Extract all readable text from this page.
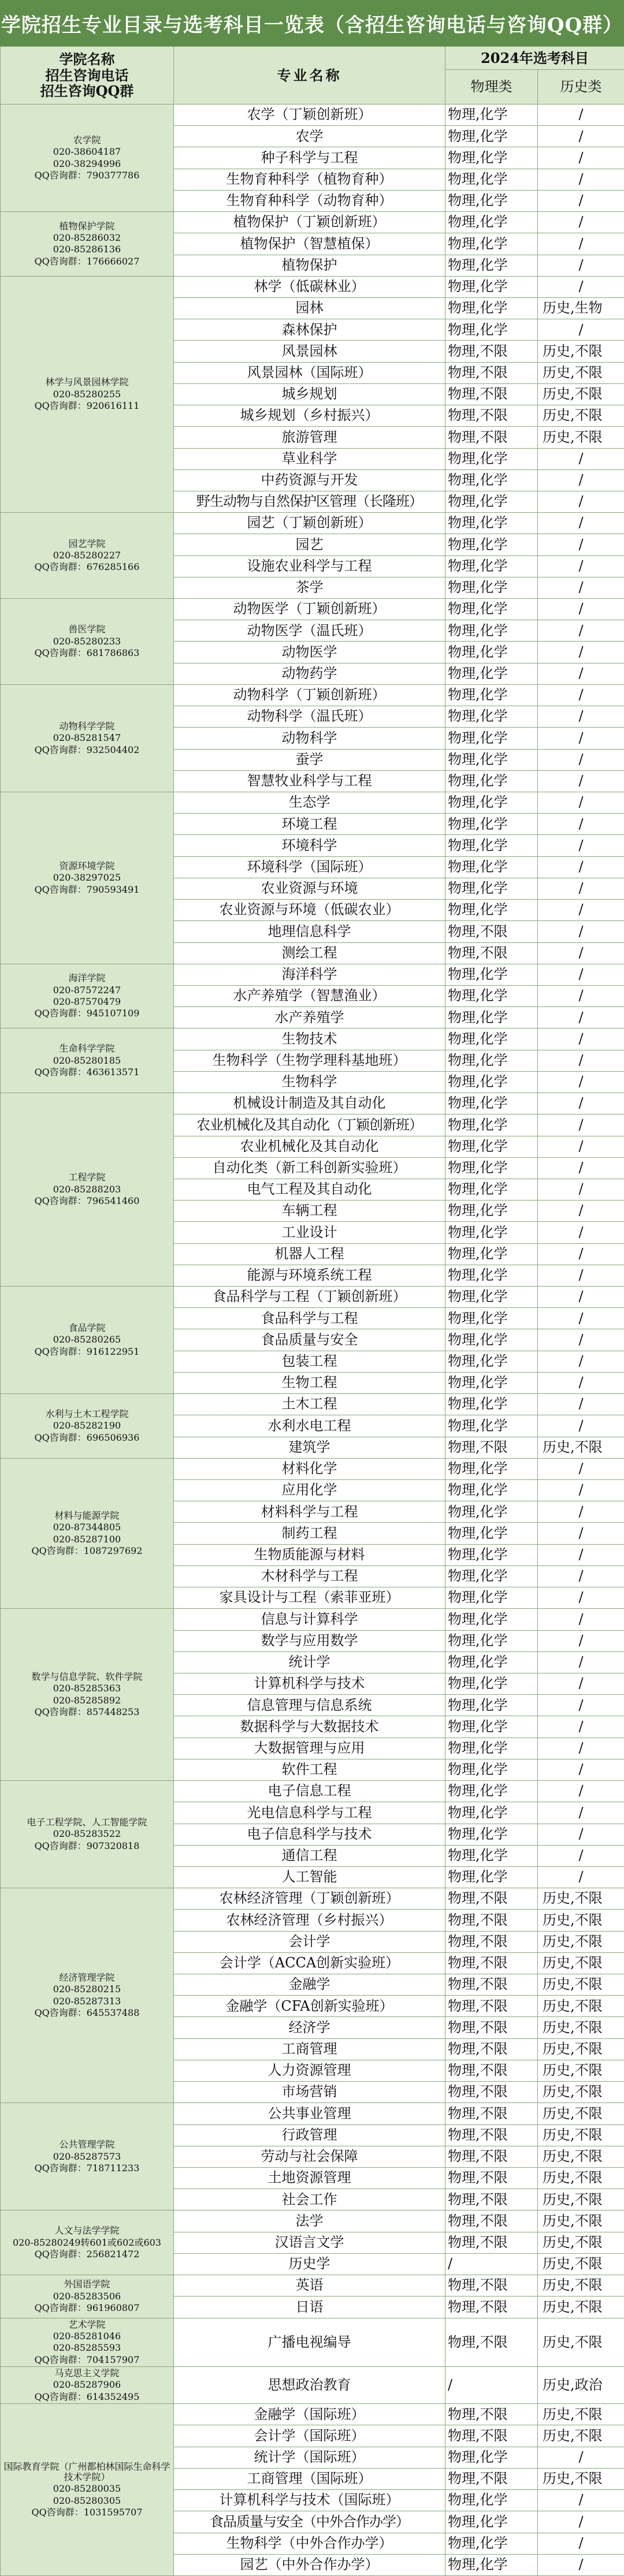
学院招生专业目录与选考科目一览表（含招生咨询电话与咨询QQ群）
学院名称
招生咨询电话
招生咨询QQ群	专业名称	2024年选考科目	
		物理类	历史类

农学院
020-38604187
020-38294996
QQ咨询群：790377786	农学（丁颖创新班）	物理,化学	/
	农学	物理,化学	/
	种子科学与工程	物理,化学	/
	生物育种科学（植物育种）	物理,化学	/
	生物育种科学（动物育种）	物理,化学	/

植物保护学院
020-85286032
020-85286136
QQ咨询群：176666027	植物保护（丁颖创新班）	物理,化学	/
	植物保护（智慧植保）	物理,化学	/
	植物保护	物理,化学	/

林学与风景园林学院
020-85280255
QQ咨询群：920616111	林学（低碳林业）	物理,化学	/
	园林	物理,化学	历史,生物
	森林保护	物理,化学	/
	风景园林	物理,不限	历史,不限
	风景园林（国际班）	物理,不限	历史,不限
	城乡规划	物理,不限	历史,不限
	城乡规划（乡村振兴）	物理,不限	历史,不限
	旅游管理	物理,不限	历史,不限
	草业科学	物理,化学	/
	中药资源与开发	物理,化学	/
	野生动物与自然保护区管理（长隆班）	物理,化学	/

园艺学院
020-85280227
QQ咨询群：676285166	园艺（丁颖创新班）	物理,化学	/
	园艺	物理,化学	/
	设施农业科学与工程	物理,化学	/
	茶学	物理,化学	/

兽医学院
020-85280233
QQ咨询群：681786863	动物医学（丁颖创新班）	物理,化学	/
	动物医学（温氏班）	物理,化学	/
	动物医学	物理,化学	/
	动物药学	物理,化学	/

动物科学学院
020-85281547
QQ咨询群：932504402	动物科学（丁颖创新班）	物理,化学	/
	动物科学（温氏班）	物理,化学	/
	动物科学	物理,化学	/
	蚕学	物理,化学	/
	智慧牧业科学与工程	物理,化学	/

资源环境学院
020-38297025
QQ咨询群：790593491	生态学	物理,化学	/
	环境工程	物理,化学	/
	环境科学	物理,化学	/
	环境科学（国际班）	物理,化学	/
	农业资源与环境	物理,化学	/
	农业资源与环境（低碳农业）	物理,化学	/
	地理信息科学	物理,不限	/
	测绘工程	物理,不限	/

海洋学院
020-87572247
020-87570479
QQ咨询群：945107109	海洋科学	物理,化学	/
	水产养殖学（智慧渔业）	物理,化学	/
	水产养殖学	物理,化学	/

生命科学学院
020-85280185
QQ咨询群：463613571	生物技术	物理,化学	/
	生物科学（生物学理科基地班）	物理,化学	/
	生物科学	物理,化学	/

工程学院
020-85288203
QQ咨询群：796541460	机械设计制造及其自动化	物理,化学	/
	农业机械化及其自动化（丁颖创新班）	物理,化学	/
	农业机械化及其自动化	物理,化学	/
	自动化类（新工科创新实验班）	物理,化学	/
	电气工程及其自动化	物理,化学	/
	车辆工程	物理,化学	/
	工业设计	物理,化学	/
	机器人工程	物理,化学	/
	能源与环境系统工程	物理,化学	/

食品学院
020-85280265
QQ咨询群：916122951	食品科学与工程（丁颖创新班）	物理,化学	/
	食品科学与工程	物理,化学	/
	食品质量与安全	物理,化学	/
	包装工程	物理,化学	/
	生物工程	物理,化学	/

水利与土木工程学院
020-85282190
QQ咨询群：696506936	土木工程	物理,化学	/
	水利水电工程	物理,化学	/
	建筑学	物理,不限	历史,不限

材料与能源学院
020-87344805
020-85287100
QQ咨询群：1087297692	材料化学	物理,化学	/
	应用化学	物理,化学	/
	材料科学与工程	物理,化学	/
	制药工程	物理,化学	/
	生物质能源与材料	物理,化学	/
	木材科学与工程	物理,化学	/
	家具设计与工程（索菲亚班）	物理,化学	/

数学与信息学院、软件学院
020-85285363
020-85285892
QQ咨询群：857448253	信息与计算科学	物理,化学	/
	数学与应用数学	物理,化学	/
	统计学	物理,化学	/
	计算机科学与技术	物理,化学	/
	信息管理与信息系统	物理,化学	/
	数据科学与大数据技术	物理,化学	/
	大数据管理与应用	物理,化学	/
	软件工程	物理,化学	/

电子工程学院、人工智能学院
020-85283522
QQ咨询群：907320818	电子信息工程	物理,化学	/
	光电信息科学与工程	物理,化学	/
	电子信息科学与技术	物理,化学	/
	通信工程	物理,化学	/
	人工智能	物理,化学	/

经济管理学院
020-85280215
020-85287313
QQ咨询群：645537488	农林经济管理（丁颖创新班）	物理,不限	历史,不限
	农林经济管理（乡村振兴）	物理,不限	历史,不限
	会计学	物理,不限	历史,不限
	会计学（ACCA创新实验班）	物理,不限	历史,不限
	金融学	物理,不限	历史,不限
	金融学（CFA创新实验班）	物理,不限	历史,不限
	经济学	物理,不限	历史,不限
	工商管理	物理,不限	历史,不限
	人力资源管理	物理,不限	历史,不限
	市场营销	物理,不限	历史,不限

公共管理学院
020-85287573
QQ咨询群：718711233	公共事业管理	物理,不限	历史,不限
	行政管理	物理,不限	历史,不限
	劳动与社会保障	物理,不限	历史,不限
	土地资源管理	物理,不限	历史,不限
	社会工作	物理,不限	历史,不限

人文与法学学院
020-85280249转601或602或603
QQ咨询群：256821472	法学	物理,不限	历史,不限
	汉语言文学	物理,不限	历史,不限
	历史学	/	历史,不限

外国语学院
020-85283506
QQ咨询群：961960807	英语	物理,不限	历史,不限
	日语	物理,不限	历史,不限

艺术学院
020-85281046
020-85285593
QQ咨询群：704157907	广播电视编导	物理,不限	历史,不限

马克思主义学院
020-85287906
QQ咨询群：614352495	思想政治教育	/	历史,政治

国际教育学院（广州都柏林国际生命科学技术学院）
020-85280035
020-85280305
QQ咨询群：1031595707	金融学（国际班）	物理,不限	历史,不限
	会计学（国际班）	物理,不限	历史,不限
	统计学（国际班）	物理,化学	/
	工商管理（国际班）	物理,不限	历史,不限
	计算机科学与技术（国际班）	物理,化学	/
	食品质量与安全（中外合作办学）	物理,化学	/
	生物科学（中外合作办学）	物理,化学	/
	园艺（中外合作办学）	物理,化学	/
